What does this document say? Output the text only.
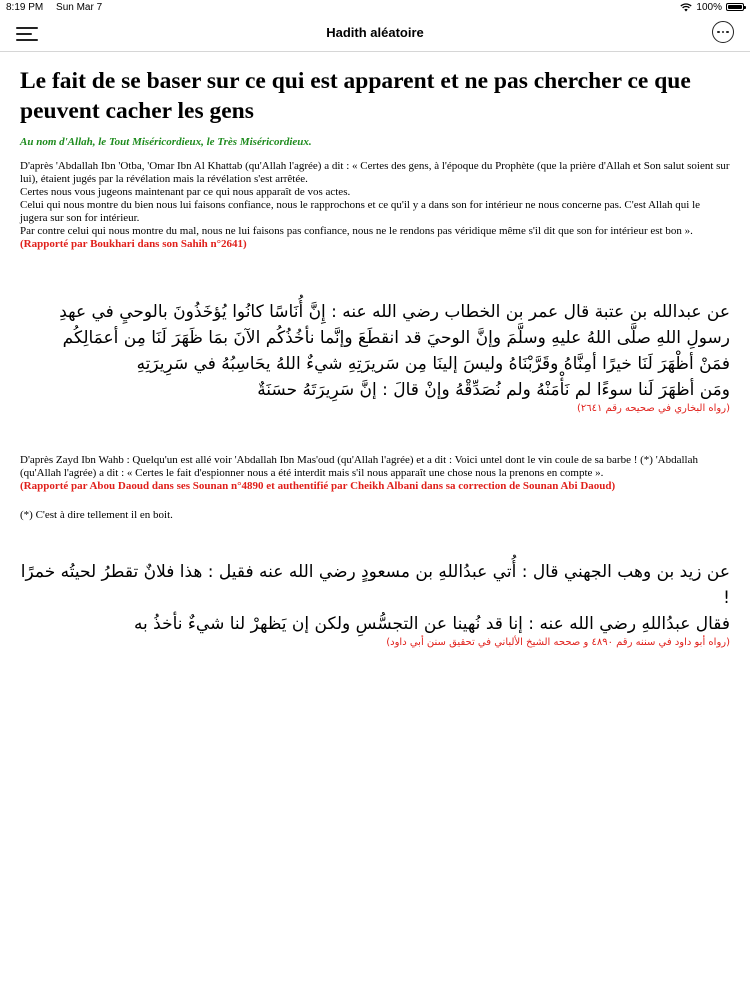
8:19 PM Sun Mar 7	100%
Hadith aléatoire
Le fait de se baser sur ce qui est apparent et ne pas chercher ce que peuvent cacher les gens

Au nom d'Allah, le Tout Miséricordieux, le Très Miséricordieux.

D'après 'Abdallah Ibn 'Otba, 'Omar Ibn Al Khattab (qu'Allah l'agrée) a dit : « Certes des gens, à l'époque du Prophète (que la prière d'Allah et Son salut soient sur lui), étaient jugés par la révélation mais la révélation s'est arrêtée.

Certes nous vous jugeons maintenant par ce qui nous apparaît de vos actes.

Celui qui nous montre du bien nous lui faisons confiance, nous le rapprochons et ce qu'il y a dans son for intérieur ne nous concerne pas. C'est Allah qui le jugera sur son for intérieur.

Par contre celui qui nous montre du mal, nous ne lui faisons pas confiance, nous ne le rendons pas véridique même s'il dit que son for intérieur est bon ».

(Rapporté par Boukhari dans son Sahih n°2641)

عن عبدالله بن عتبة قال عمر بن الخطاب رضي الله عنه : إِنَّ أُنَاسًا كانُوا يُؤخَذُونَ بالوحيِ في عهدِ رسولِ اللهِ صلَّى اللهُ عليهِ وسلَّمَ وإنَّ الوحيَ قد انقطَعَ وإنَّما نأخُذُكُم الآنَ بمَا ظَهَرَ لَنَا مِن أعمَالِكُم

فمَنْ أظْهَرَ لَنَا خيرًا أمِنَّاهُ وقَرَّبْنَاهُ وليسَ إلينَا مِن سَريرَتِهِ شيءٌ اللهُ يحَاسِبُهُ في سَرِيرَتِهِ

ومَن أظهَرَ لَنا سوءًا لم نَأْمَنْهُ ولم نُصَدِّقْهُ وإنْ قالَ : إنَّ سَرِيرَتَهُ حسَنَةٌ

(رواه البخاري في صحيحه رقم ٢٦٤١)

D'après Zayd Ibn Wahb : Quelqu'un est allé voir 'Abdallah Ibn Mas'oud (qu'Allah l'agrée) et a dit : Voici untel dont le vin coule de sa barbe ! (*) 'Abdallah (qu'Allah l'agrée) a dit : « Certes le fait d'espionner nous a été interdit mais s'il nous apparaît une chose nous la prenons en compte ».

(Rapporté par Abou Daoud dans ses Sounan n°4890 et authentifié par Cheikh Albani dans sa correction de Sounan Abi Daoud)

(*) C'est à dire tellement il en boit.

عن زيد بن وهب الجهني قال : أُتي عبدُاللهِ بن مسعودٍ رضي الله عنه فقيل : هذا فلانٌ تقطرُ لحيتُه خمرًا !

فقال عبدُاللهِ رضي الله عنه : إنا قد نُهينا عن التجسُّسِ ولكن إن يَظهرْ لنا شيءٌ نأخذُ به

(رواه أبو داود في سننه رقم ٤٨٩٠ و صححه الشيخ الألباني في تحقيق سنن أبي داود)
